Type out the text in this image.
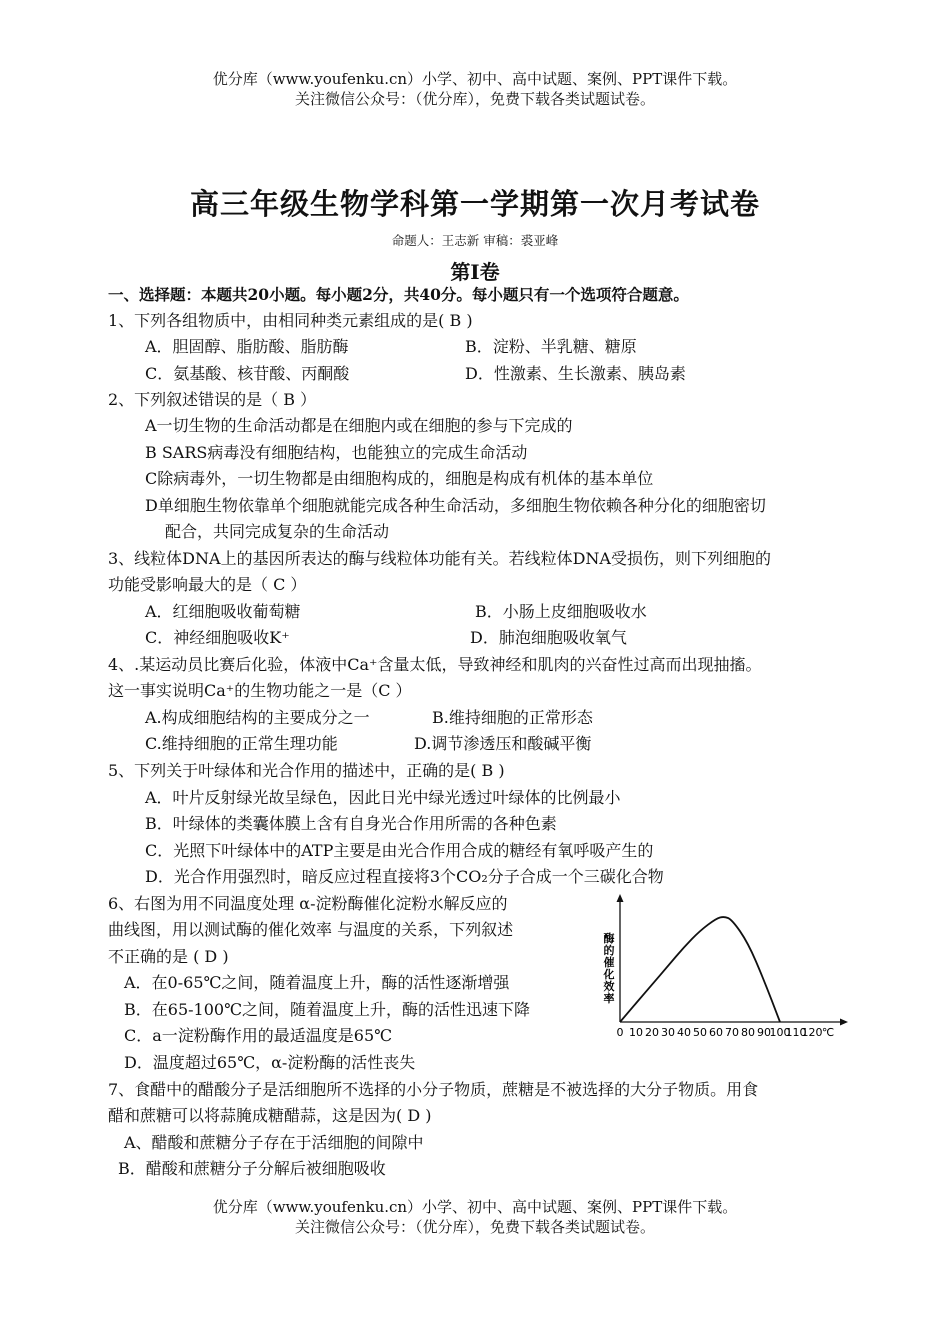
优分库（www.youfenku.cn）小学、初中、高中试题、案例、PPT课件下载。
关注微信公众号：（优分库），免费下载各类试题试卷。
高三年级生物学科第一学期第一次月考试卷
命题人：王志新 审稿：裘亚峰
第I卷
一、选择题：本题共20小题。每小题2分，共40分。每小题只有一个选项符合题意。
1、下列各组物质中，由相同种类元素组成的是( B )
A．胆固醇、脂肪酸、脂肪酶	B．淀粉、半乳糖、糖原
C．氨基酸、核苷酸、丙酮酸	D．性激素、生长激素、胰岛素
2、下列叙述错误的是（ B ）
A一切生物的生命活动都是在细胞内或在细胞的参与下完成的
B SARS病毒没有细胞结构，也能独立的完成生命活动
C除病毒外，一切生物都是由细胞构成的，细胞是构成有机体的基本单位
D单细胞生物依靠单个细胞就能完成各种生命活动，多细胞生物依赖各种分化的细胞密切
配合，共同完成复杂的生命活动
3、线粒体DNA上的基因所表达的酶与线粒体功能有关。若线粒体DNA受损伤，则下列细胞的
功能受影响最大的是（ C ）
A．红细胞吸收葡萄糖	B．小肠上皮细胞吸收水
C．神经细胞吸收K⁺	D．肺泡细胞吸收氧气
4、.某运动员比赛后化验，体液中Ca⁺含量太低，导致神经和肌肉的兴奋性过高而出现抽搐。
这一事实说明Ca⁺的生物功能之一是（C ）
A.构成细胞结构的主要成分之一	B.维持细胞的正常形态
C.维持细胞的正常生理功能	D.调节渗透压和酸碱平衡
5、下列关于叶绿体和光合作用的描述中，正确的是( B )
A．叶片反射绿光故呈绿色，因此日光中绿光透过叶绿体的比例最小
B．叶绿体的类囊体膜上含有自身光合作用所需的各种色素
C．光照下叶绿体中的ATP主要是由光合作用合成的糖经有氧呼吸产生的
D．光合作用强烈时，暗反应过程直接将3个CO₂分子合成一个三碳化合物
6、右图为用不同温度处理 α-淀粉酶催化淀粉水解反应的
曲线图，用以测试酶的催化效率 与温度的关系，下列叙述
不正确的是 ( D )
A．在0-65℃之间，随着温度上升，酶的活性逐渐增强
B．在65-100℃之间，随着温度上升，酶的活性迅速下降
C．a一淀粉酶作用的最适温度是65℃
D．温度超过65℃，α-淀粉酶的活性丧失
酶
的
催
化
效
率
0 10 20 30 40 50 60 70 80 90
100
110
120 ℃
7、食醋中的醋酸分子是活细胞所不选择的小分子物质，蔗糖是不被选择的大分子物质。用食
醋和蔗糖可以将蒜腌成糖醋蒜，这是因为( D )
A、醋酸和蔗糖分子存在于活细胞的间隙中
B．醋酸和蔗糖分子分解后被细胞吸收
优分库（www.youfenku.cn）小学、初中、高中试题、案例、PPT课件下载。
关注微信公众号：（优分库），免费下载各类试题试卷。
